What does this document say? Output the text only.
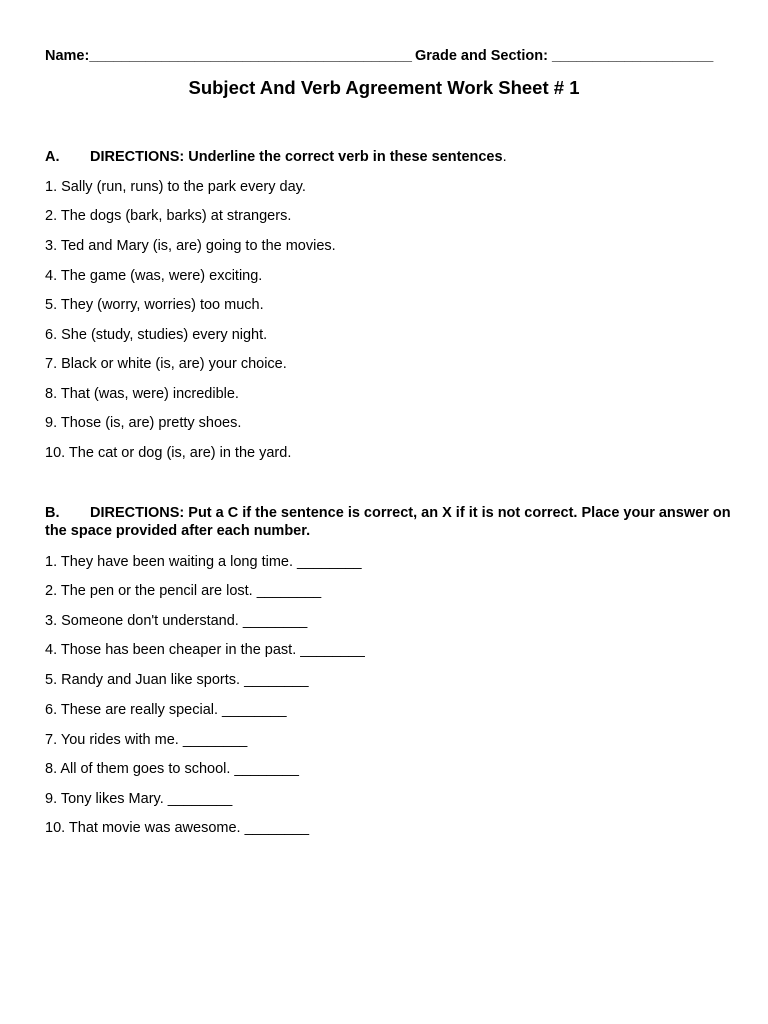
Name:________________________________________ Grade and Section: ____________________
Subject And Verb Agreement Work Sheet # 1
A.	DIRECTIONS: Underline the correct verb in these sentences.
1. Sally (run, runs) to the park every day.
2. The dogs (bark, barks) at strangers.
3. Ted and Mary (is, are) going to the movies.
4. The game (was, were) exciting.
5. They (worry, worries) too much.
6. She (study, studies) every night.
7. Black or white (is, are) your choice.
8. That (was, were) incredible.
9. Those (is, are) pretty shoes.
10. The cat or dog (is, are) in the yard.
B.	DIRECTIONS: Put a C if the sentence is correct, an X if it is not correct. Place your answer on the space provided after each number.
1. They have been waiting a long time. ________
2. The pen or the pencil are lost. ________
3. Someone don't understand. ________
4. Those has been cheaper in the past. ________
5. Randy and Juan like sports. ________
6. These are really special. ________
7. You rides with me. ________
8. All of them goes to school. ________
9. Tony likes Mary. ________
10. That movie was awesome. ________
